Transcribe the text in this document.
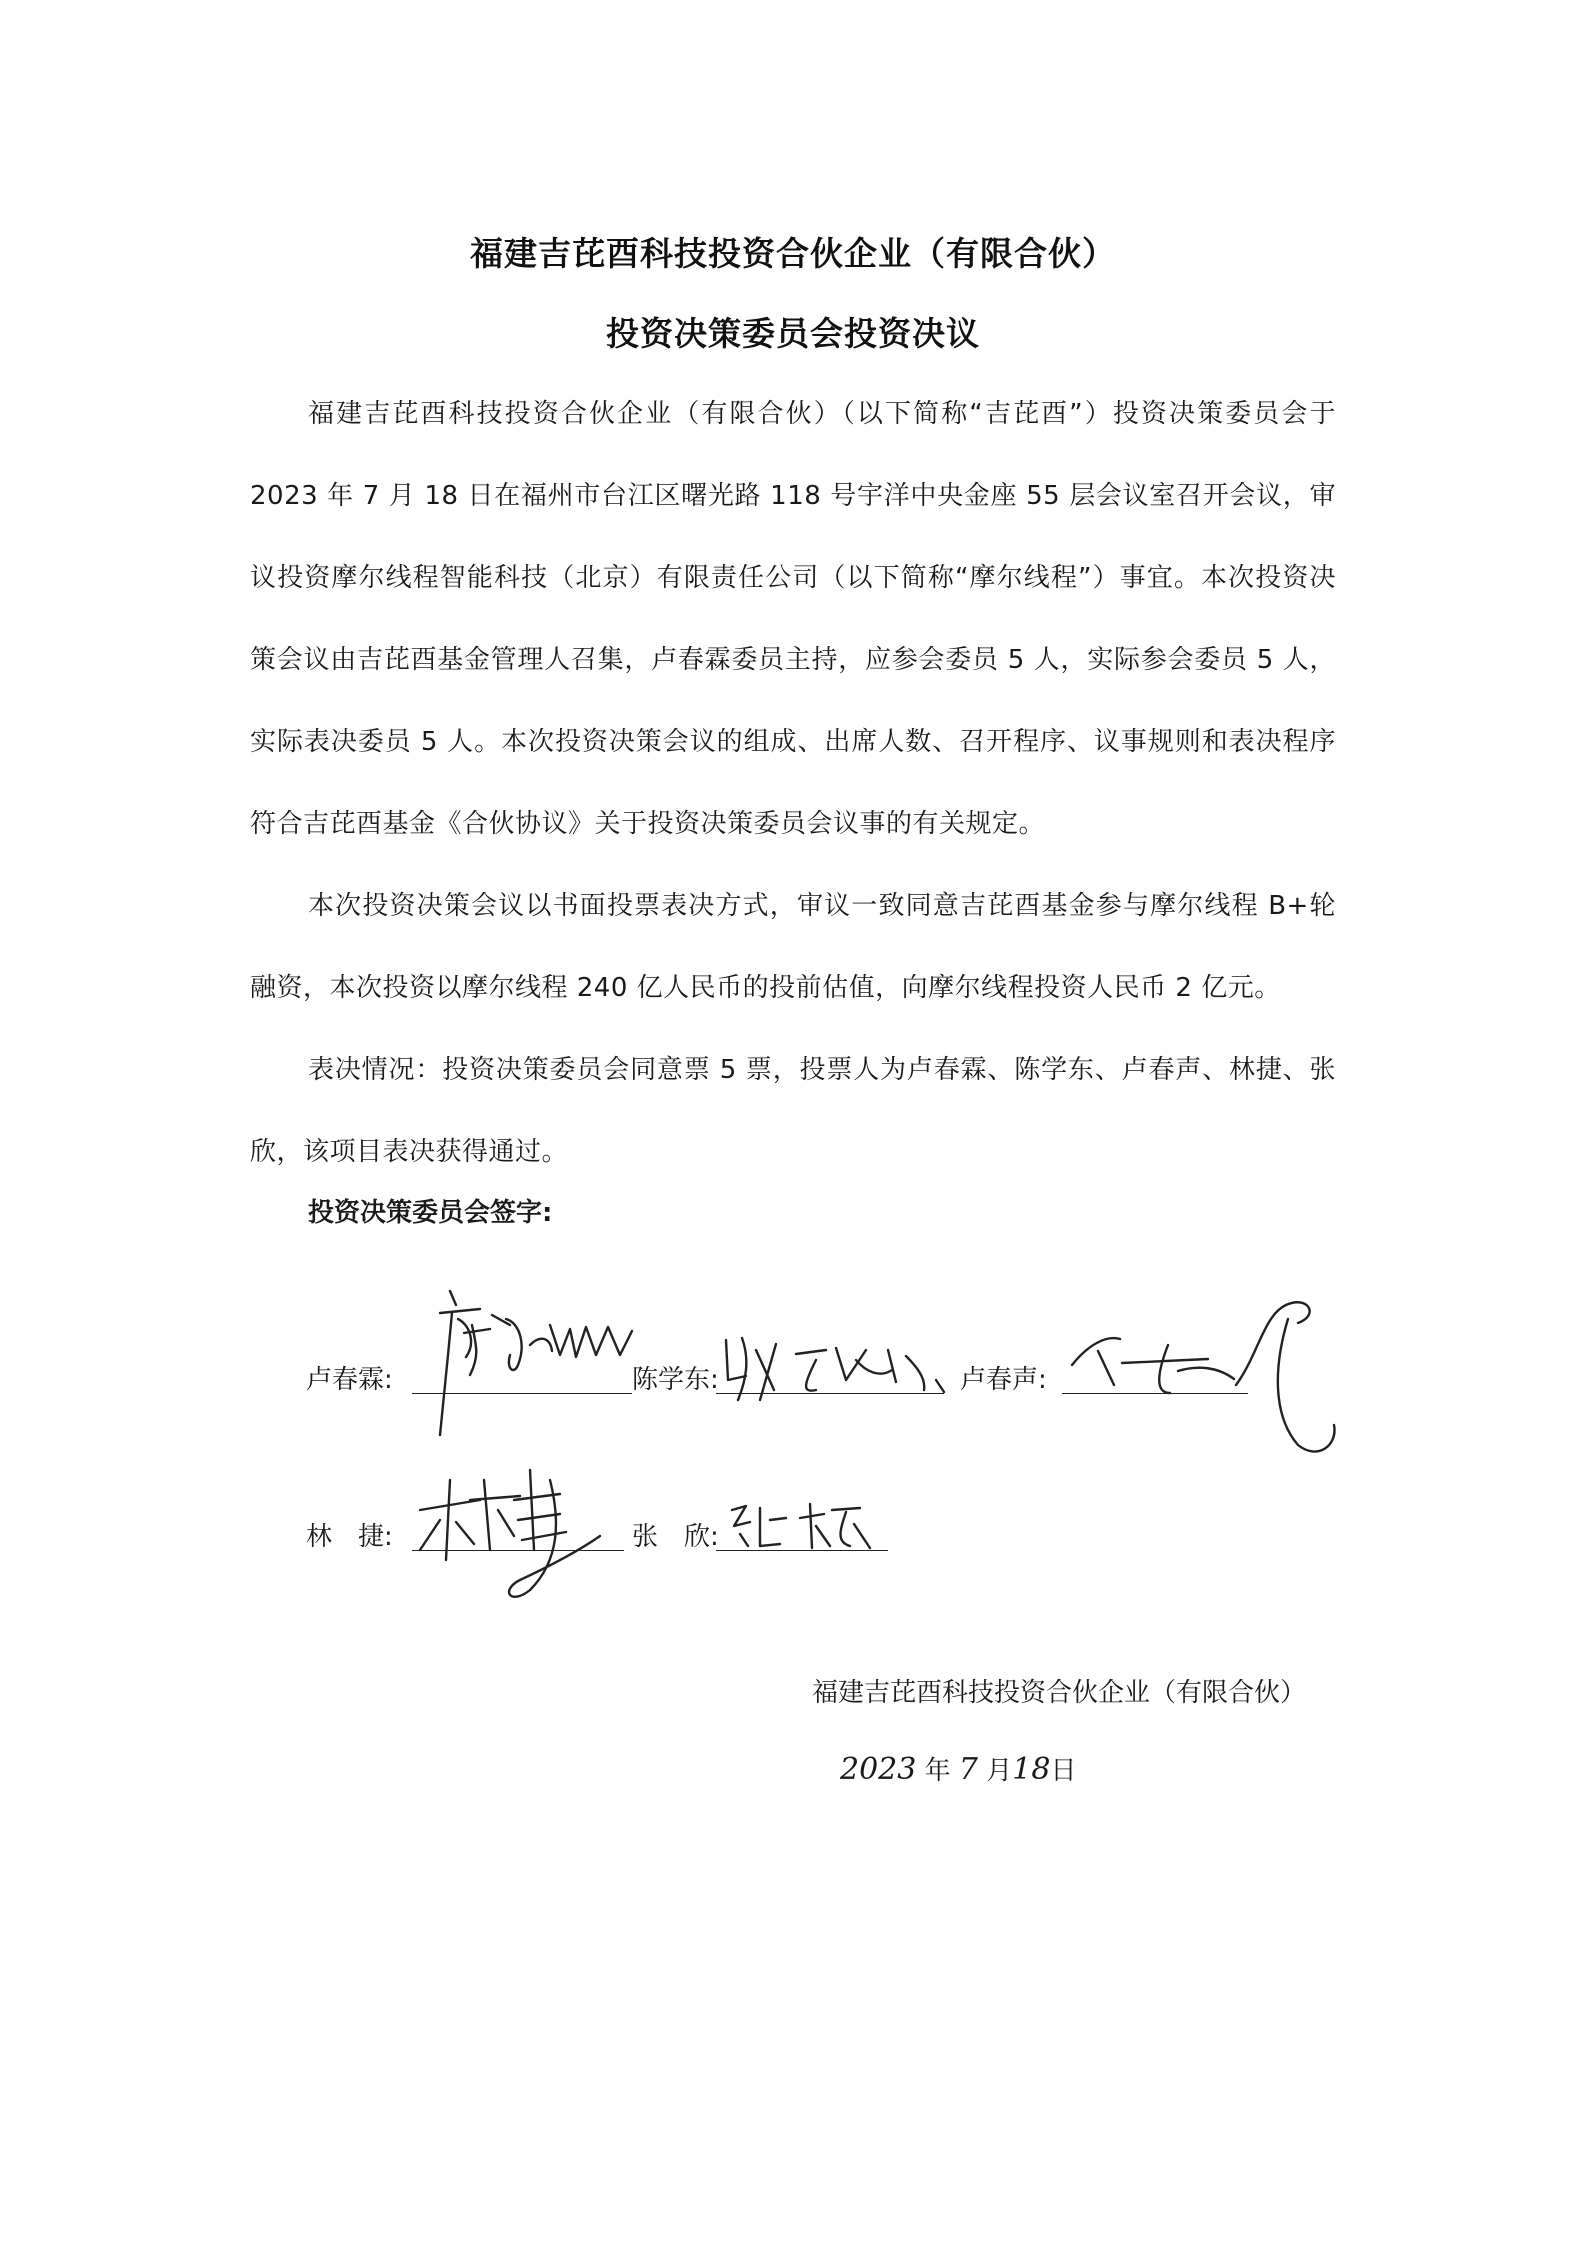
福建吉芘酉科技投资合伙企业（有限合伙）
投资决策委员会投资决议

福建吉芘酉科技投资合伙企业（有限合伙）（以下简称“吉芘酉”）投资决策委员会于 2023 年 7 月 18 日在福州市台江区曙光路 118 号宇洋中央金座 55 层会议室召开会议，审议投资摩尔线程智能科技（北京）有限责任公司（以下简称“摩尔线程”）事宜。本次投资决策会议由吉芘酉基金管理人召集，卢春霖委员主持，应参会委员 5 人，实际参会委员 5 人，实际表决委员 5 人。本次投资决策会议的组成、出席人数、召开程序、议事规则和表决程序符合吉芘酉基金《合伙协议》关于投资决策委员会议事的有关规定。

本次投资决策会议以书面投票表决方式，审议一致同意吉芘酉基金参与摩尔线程 B+轮融资，本次投资以摩尔线程 240 亿人民币的投前估值，向摩尔线程投资人民币 2 亿元。

表决情况：投资决策委员会同意票 5 票，投票人为卢春霖、陈学东、卢春声、林捷、张欣，该项目表决获得通过。

投资决策委员会签字:
卢春霖:	陈学东:	卢春声:
林　捷:	张　欣:
福建吉芘酉科技投资合伙企业（有限合伙）
2023 年 7 月18日
